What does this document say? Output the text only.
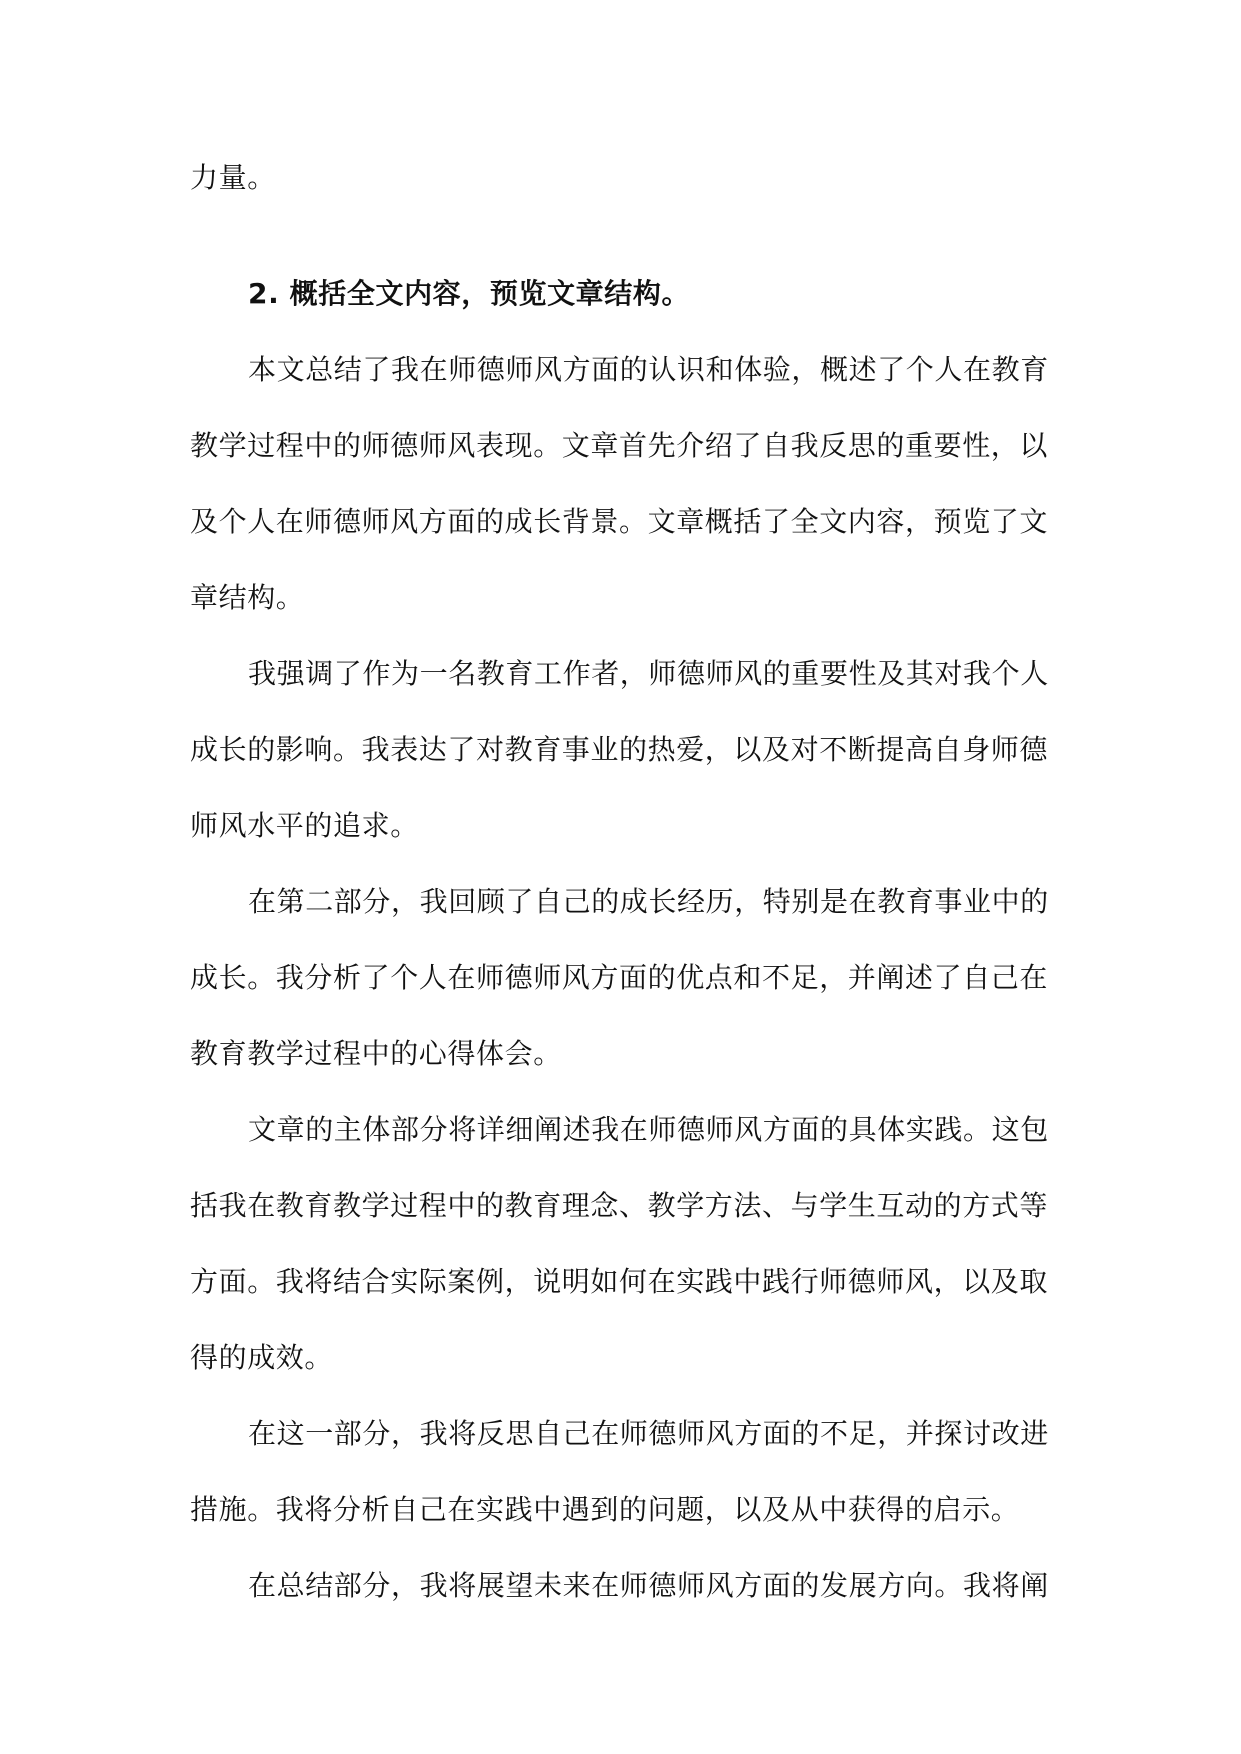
力量。

2. 概括全文内容，预览文章结构。

本文总结了我在师德师风方面的认识和体验，概述了个人在教育
教学过程中的师德师风表现。文章首先介绍了自我反思的重要性，以
及个人在师德师风方面的成长背景。文章概括了全文内容，预览了文
章结构。

我强调了作为一名教育工作者，师德师风的重要性及其对我个人
成长的影响。我表达了对教育事业的热爱，以及对不断提高自身师德
师风水平的追求。

在第二部分，我回顾了自己的成长经历，特别是在教育事业中的
成长。我分析了个人在师德师风方面的优点和不足，并阐述了自己在
教育教学过程中的心得体会。

文章的主体部分将详细阐述我在师德师风方面的具体实践。这包
括我在教育教学过程中的教育理念、教学方法、与学生互动的方式等
方面。我将结合实际案例，说明如何在实践中践行师德师风，以及取
得的成效。

在这一部分，我将反思自己在师德师风方面的不足，并探讨改进
措施。我将分析自己在实践中遇到的问题，以及从中获得的启示。

在总结部分，我将展望未来在师德师风方面的发展方向。我将阐
